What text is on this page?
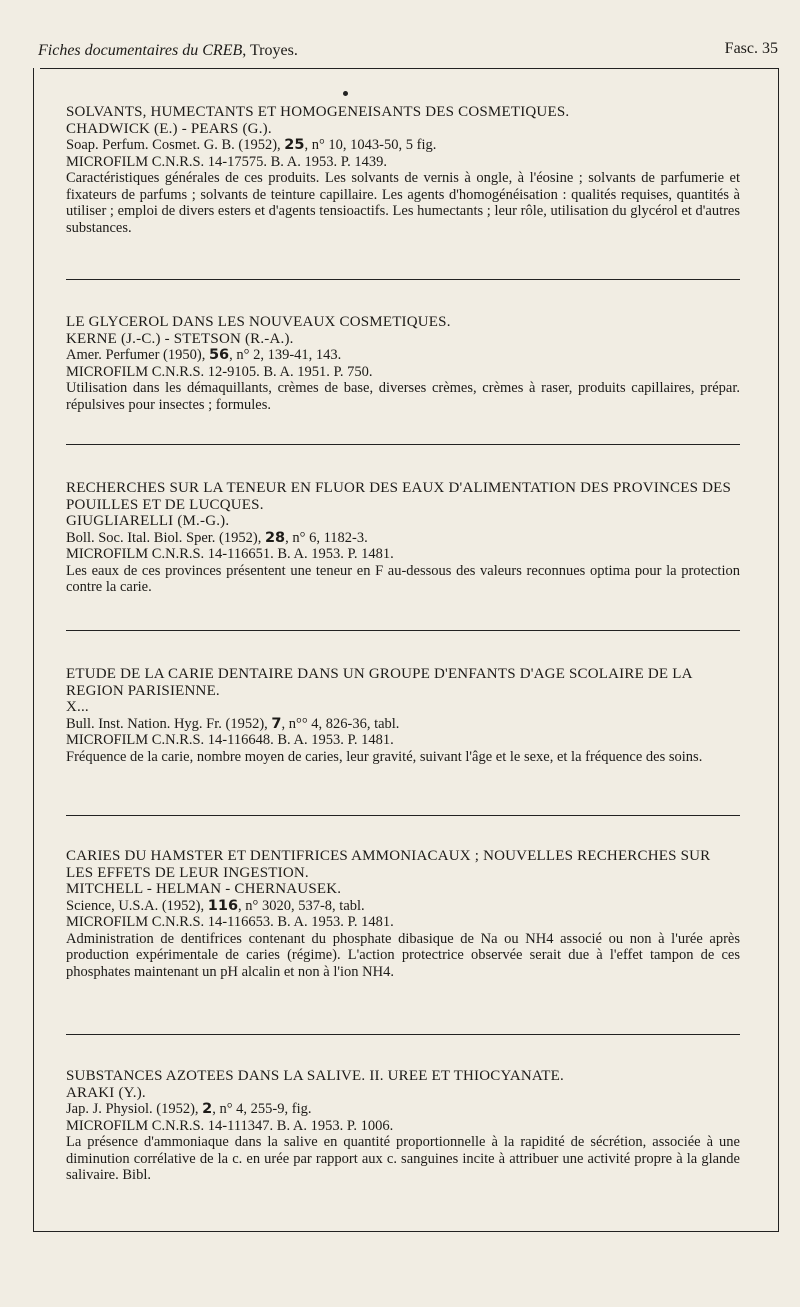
Fiches documentaires du CREB, Troyes.	Fasc. 35
SOLVANTS, HUMECTANTS ET HOMOGENEISANTS DES COSMETIQUES.
CHADWICK (E.) - PEARS (G.).
Soap. Perfum. Cosmet. G. B. (1952), 25, n° 10, 1043-50, 5 fig.
MICROFILM C.N.R.S. 14-17575. B. A. 1953. P. 1439.
Caractéristiques générales de ces produits. Les solvants de vernis à ongle, à l'éosine ; solvants de parfumerie et fixateurs de parfums ; solvants de teinture capillaire. Les agents d'homogénéisation : qualités requises, quantités à utiliser ; emploi de divers esters et d'agents tensioactifs. Les humectants ; leur rôle, utilisation du glycérol et d'autres substances.
LE GLYCEROL DANS LES NOUVEAUX COSMETIQUES.
KERNE (J.-C.) - STETSON (R.-A.).
Amer. Perfumer (1950), 56, n° 2, 139-41, 143.
MICROFILM C.N.R.S. 12-9105. B. A. 1951. P. 750.
Utilisation dans les démaquillants, crèmes de base, diverses crèmes, crèmes à raser, produits capillaires, prépar. répulsives pour insectes ; formules.
RECHERCHES SUR LA TENEUR EN FLUOR DES EAUX D'ALIMENTATION DES PROVINCES DES POUILLES ET DE LUCQUES.
GIUGLIARELLI (M.-G.).
Boll. Soc. Ital. Biol. Sper. (1952), 28, n° 6, 1182-3.
MICROFILM C.N.R.S. 14-116651. B. A. 1953. P. 1481.
Les eaux de ces provinces présentent une teneur en F au-dessous des valeurs reconnues optima pour la protection contre la carie.
ETUDE DE LA CARIE DENTAIRE DANS UN GROUPE D'ENFANTS D'AGE SCOLAIRE DE LA REGION PARISIENNE.
X...
Bull. Inst. Nation. Hyg. Fr. (1952), 7, n°° 4, 826-36, tabl.
MICROFILM C.N.R.S. 14-116648. B. A. 1953. P. 1481.
Fréquence de la carie, nombre moyen de caries, leur gravité, suivant l'âge et le sexe, et la fréquence des soins.
CARIES DU HAMSTER ET DENTIFRICES AMMONIACAUX ; NOUVELLES RECHERCHES SUR LES EFFETS DE LEUR INGESTION.
MITCHELL - HELMAN - CHERNAUSEK.
Science, U.S.A. (1952), 116, n° 3020, 537-8, tabl.
MICROFILM C.N.R.S. 14-116653. B. A. 1953. P. 1481.
Administration de dentifrices contenant du phosphate dibasique de Na ou NH4 associé ou non à l'urée après production expérimentale de caries (régime). L'action protectrice observée serait due à l'effet tampon de ces phosphates maintenant un pH alcalin et non à l'ion NH4.
SUBSTANCES AZOTEES DANS LA SALIVE. II. UREE ET THIOCYANATE.
ARAKI (Y.).
Jap. J. Physiol. (1952), 2, n° 4, 255-9, fig.
MICROFILM C.N.R.S. 14-111347. B. A. 1953. P. 1006.
La présence d'ammoniaque dans la salive en quantité proportionnelle à la rapidité de sécrétion, associée à une diminution corrélative de la c. en urée par rapport aux c. sanguines incite à attribuer une activité propre à la glande salivaire. Bibl.
